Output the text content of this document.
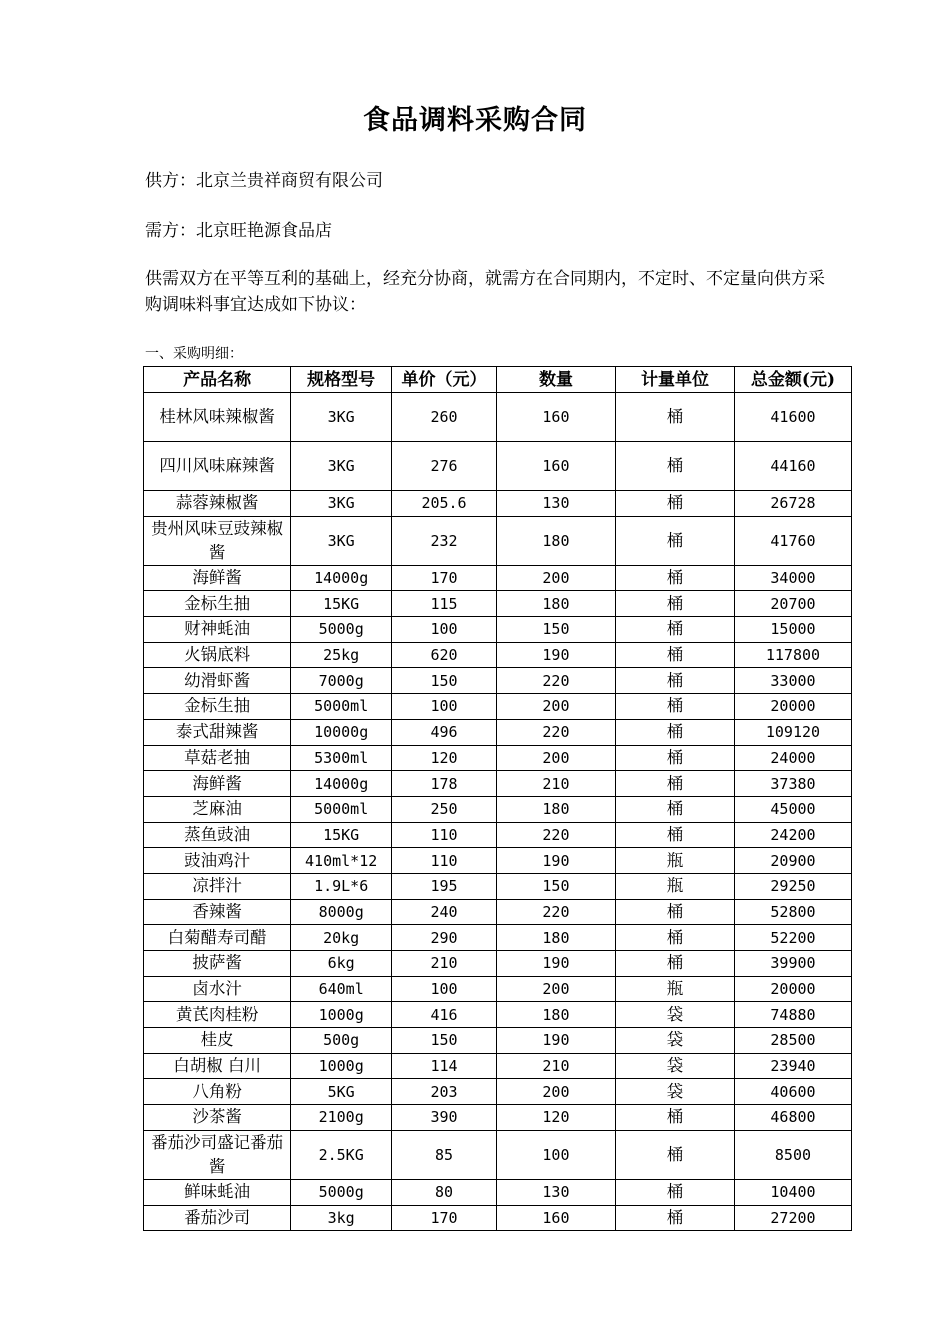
食品调料采购合同
供方：北京兰贵祥商贸有限公司
需方：北京旺艳源食品店
供需双方在平等互利的基础上，经充分协商，就需方在合同期内，不定时、不定量向供方采购调味料事宜达成如下协议：
一、采购明细：
产品名称	规格型号	单价（元）	数量	计量单位	总金额(元)
桂林风味辣椒酱	3KG	260	160	桶	41600
四川风味麻辣酱	3KG	276	160	桶	44160
蒜蓉辣椒酱	3KG	205.6	130	桶	26728
贵州风味豆豉辣椒酱	3KG	232	180	桶	41760
海鲜酱	14000g	170	200	桶	34000
金标生抽	15KG	115	180	桶	20700
财神蚝油	5000g	100	150	桶	15000
火锅底料	25kg	620	190	桶	117800
幼滑虾酱	7000g	150	220	桶	33000
金标生抽	5000ml	100	200	桶	20000
泰式甜辣酱	10000g	496	220	桶	109120
草菇老抽	5300ml	120	200	桶	24000
海鲜酱	14000g	178	210	桶	37380
芝麻油	5000ml	250	180	桶	45000
蒸鱼豉油	15KG	110	220	桶	24200
豉油鸡汁	410ml*12	110	190	瓶	20900
凉拌汁	1.9L*6	195	150	瓶	29250
香辣酱	8000g	240	220	桶	52800
白菊醋寿司醋	20kg	290	180	桶	52200
披萨酱	6kg	210	190	桶	39900
卤水汁	640ml	100	200	瓶	20000
黄芪肉桂粉	1000g	416	180	袋	74880
桂皮	500g	150	190	袋	28500
白胡椒 白川	1000g	114	210	袋	23940
八角粉	5KG	203	200	袋	40600
沙茶酱	2100g	390	120	桶	46800
番茄沙司盛记番茄酱	2.5KG	85	100	桶	8500
鲜味蚝油	5000g	80	130	桶	10400
番茄沙司	3kg	170	160	桶	27200
